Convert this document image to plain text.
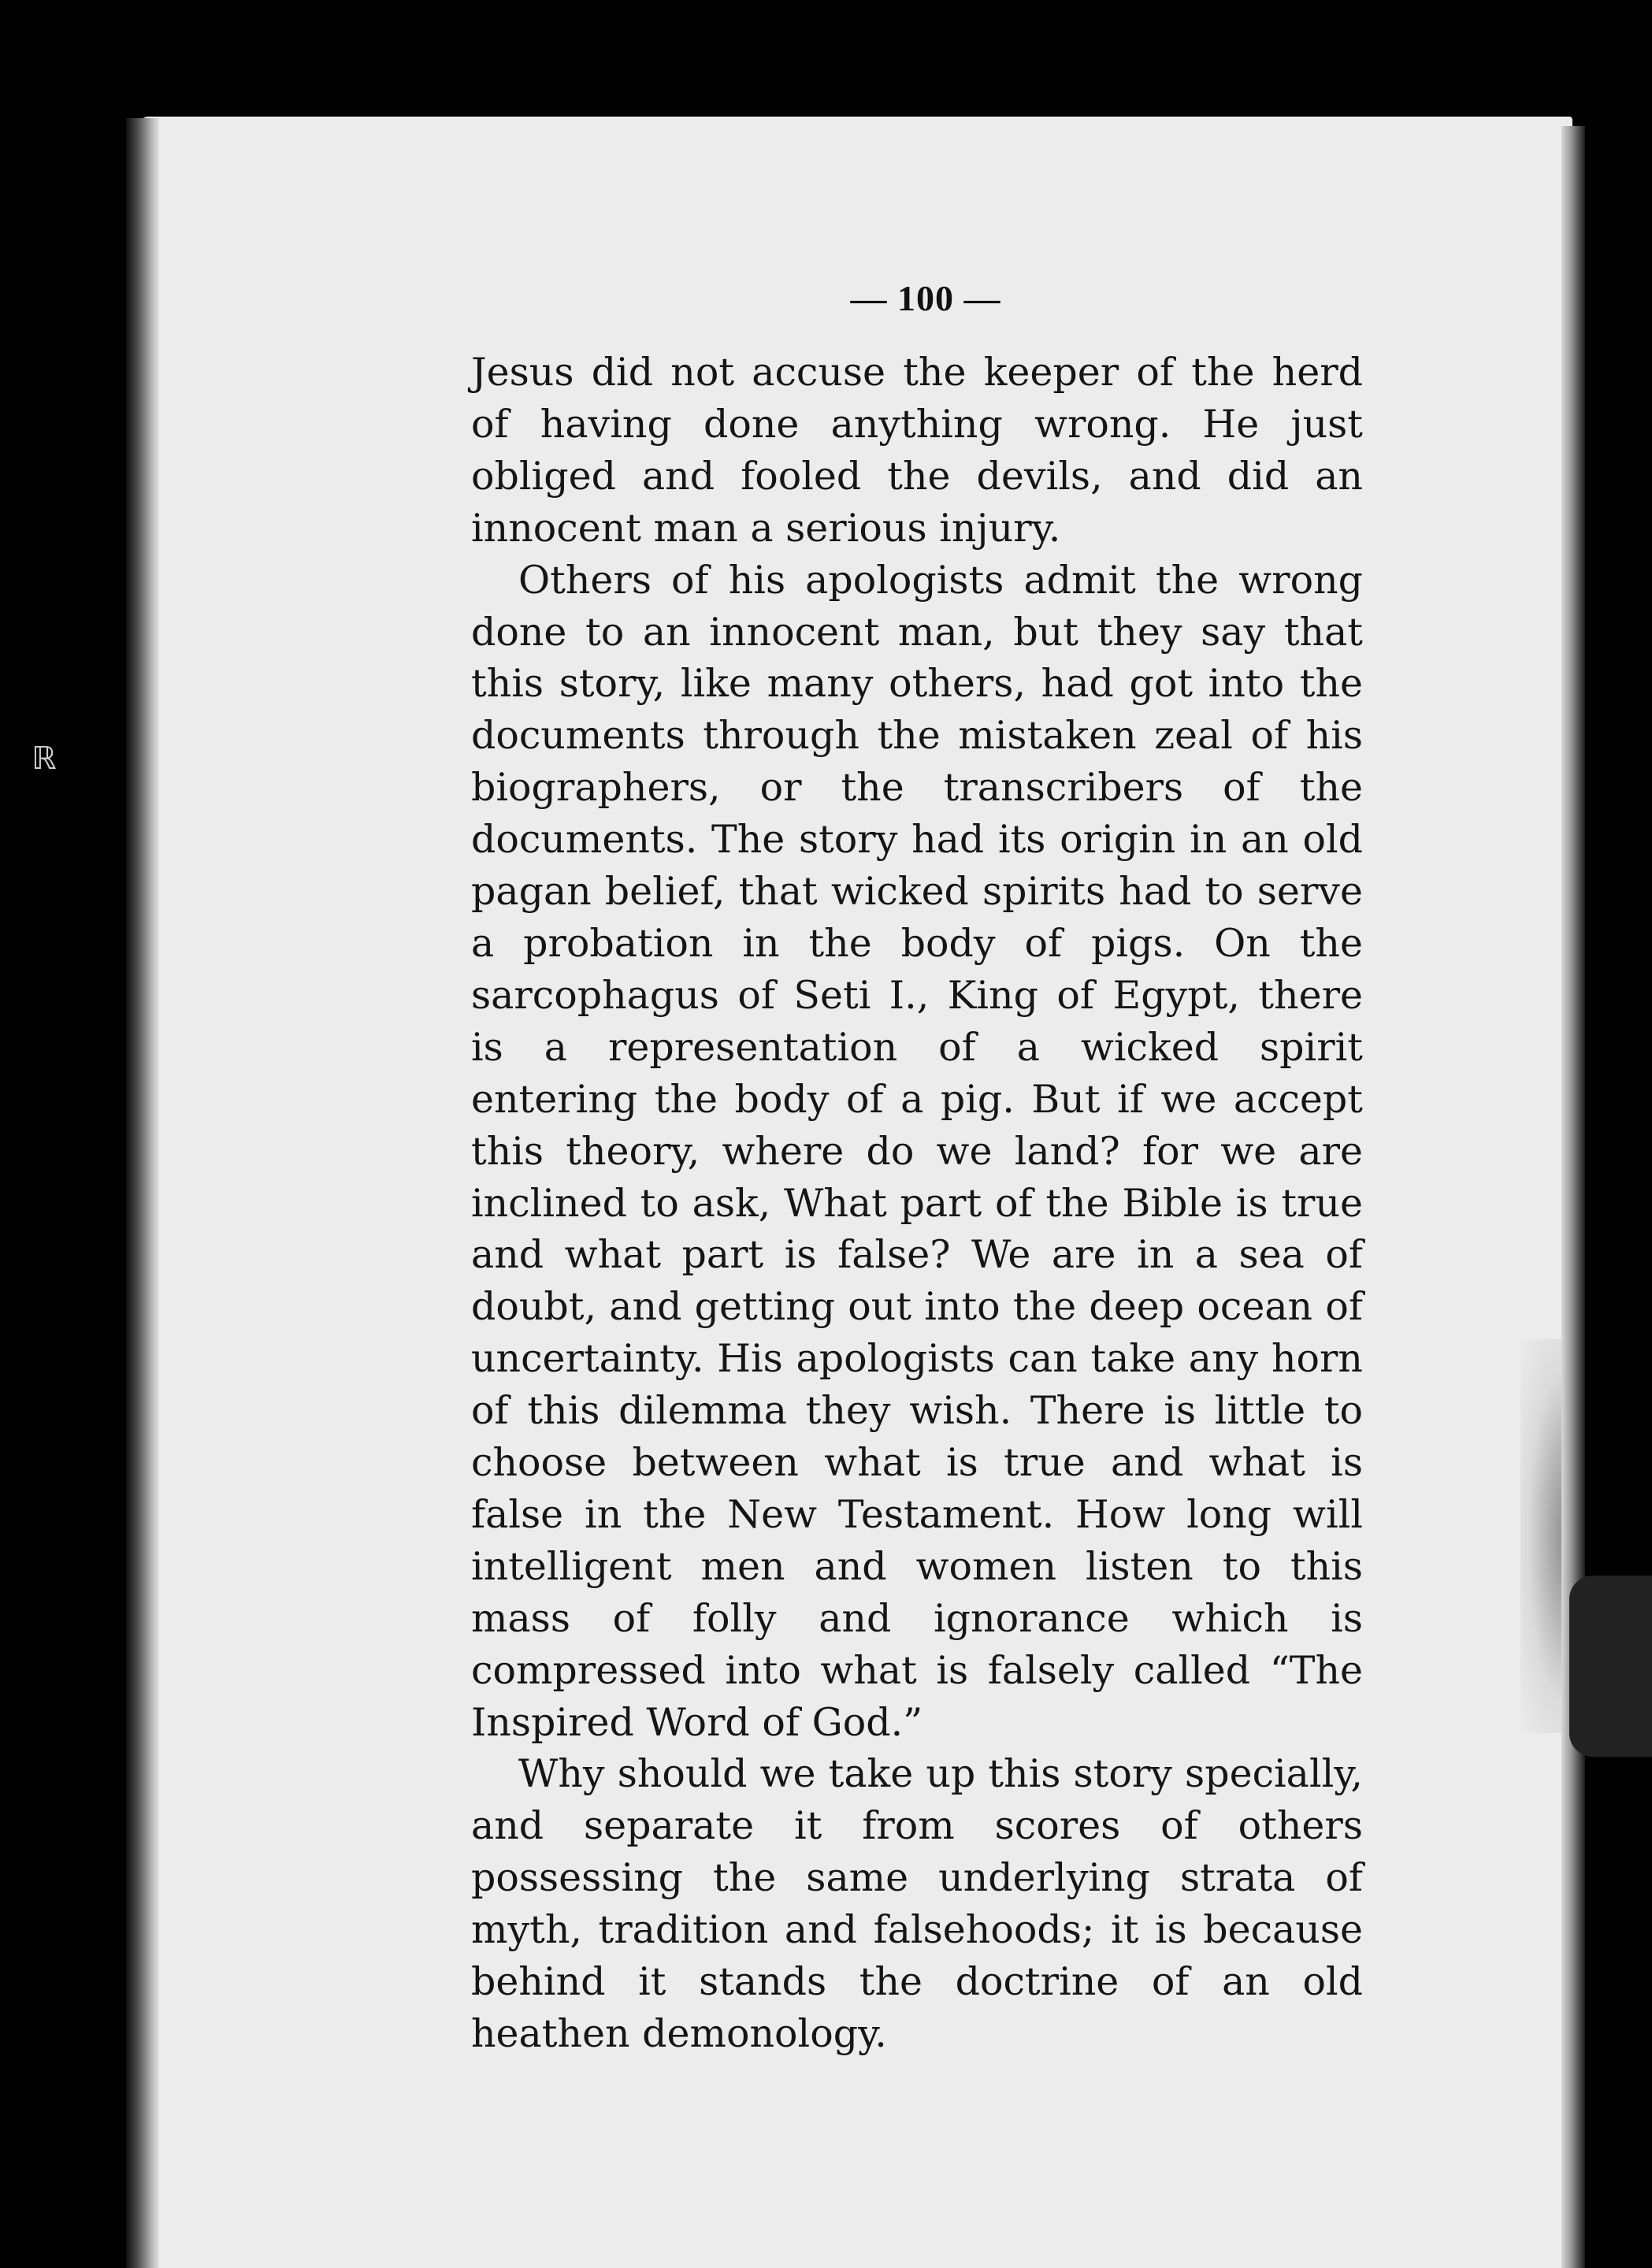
ℝ
— 100 —

Jesus did not accuse the keeper of the herd of having done anything wrong. He just obliged and fooled the devils, and did an innocent man a serious injury.

Others of his apologists admit the wrong done to an innocent man, but they say that this story, like many others, had got into the documents through the mistaken zeal of his biographers, or the transcribers of the documents. The story had its origin in an old pagan belief, that wicked spirits had to serve a probation in the body of pigs. On the sarcophagus of Seti I., King of Egypt, there is a representation of a wicked spirit entering the body of a pig. But if we accept this theory, where do we land? for we are inclined to ask, What part of the Bible is true and what part is false? We are in a sea of doubt, and getting out into the deep ocean of uncertainty. His apologists can take any horn of this dilemma they wish. There is little to choose between what is true and what is false in the New Testament. How long will intelligent men and women listen to this mass of folly and ignorance which is compressed into what is falsely called “The Inspired Word of God.”

Why should we take up this story specially, and separate it from scores of others possessing the same underlying strata of myth, tradition and falsehoods; it is because behind it stands the doctrine of an old heathen demonology.
